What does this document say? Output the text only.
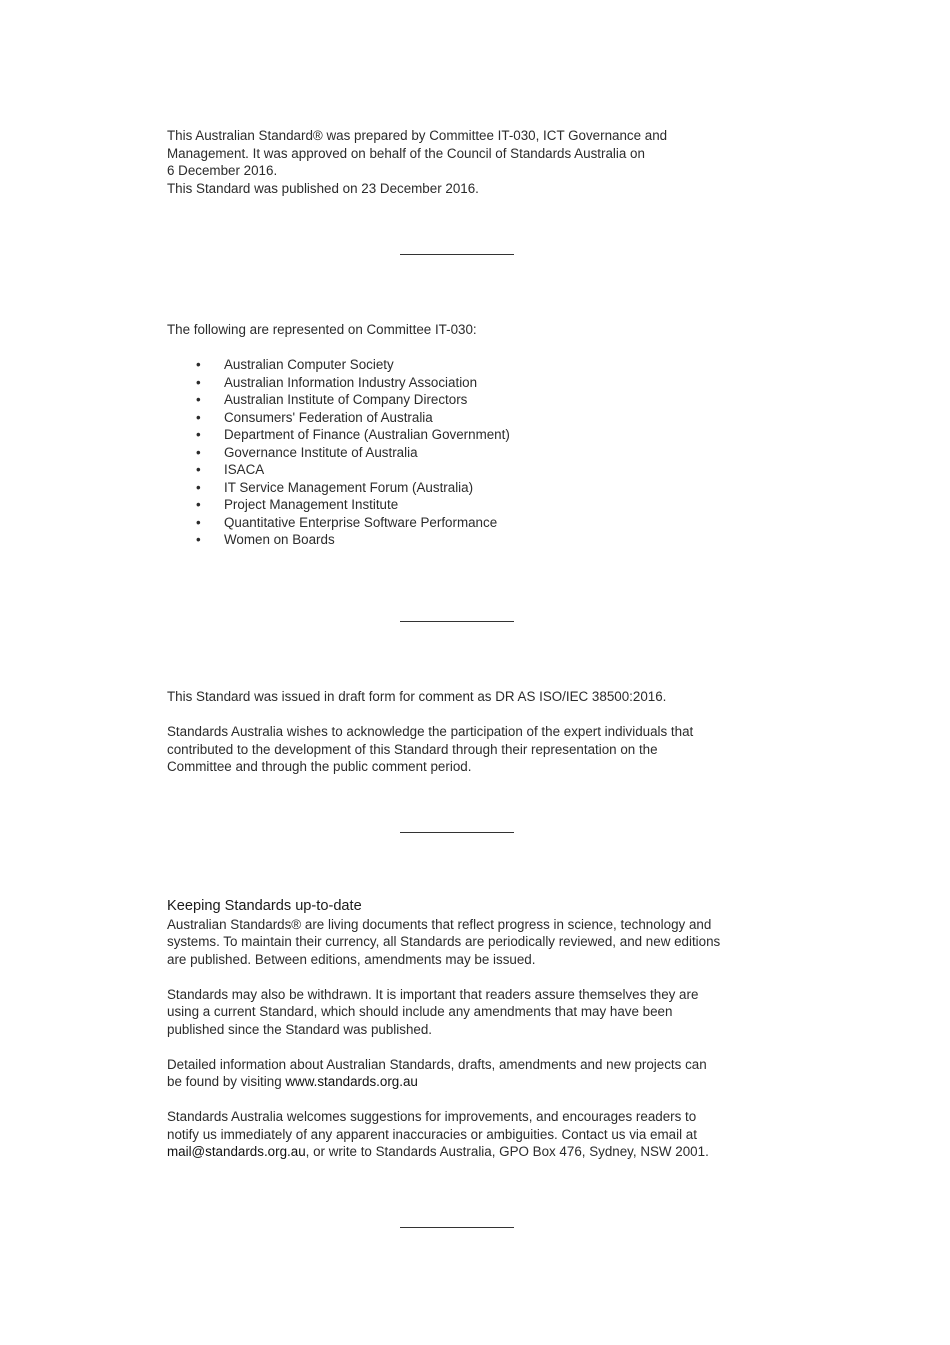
This Australian Standard® was prepared by Committee IT-030, ICT Governance and

Management. It was approved on behalf of the Council of Standards Australia on

6 December 2016.

This Standard was published on 23 December 2016.

The following are represented on Committee IT-030:

• Australian Computer Society
• Australian Information Industry Association
• Australian Institute of Company Directors
• Consumers' Federation of Australia
• Department of Finance (Australian Government)
• Governance Institute of Australia
• ISACA
• IT Service Management Forum (Australia)
• Project Management Institute
• Quantitative Enterprise Software Performance
• Women on Boards

This Standard was issued in draft form for comment as DR AS ISO/IEC 38500:2016.

Standards Australia wishes to acknowledge the participation of the expert individuals that

contributed to the development of this Standard through their representation on the

Committee and through the public comment period.

Keeping Standards up-to-date

Australian Standards® are living documents that reflect progress in science, technology and

systems. To maintain their currency, all Standards are periodically reviewed, and new editions

are published. Between editions, amendments may be issued.

Standards may also be withdrawn. It is important that readers assure themselves they are

using a current Standard, which should include any amendments that may have been

published since the Standard was published.

Detailed information about Australian Standards, drafts, amendments and new projects can

be found by visiting www.standards.org.au

Standards Australia welcomes suggestions for improvements, and encourages readers to

notify us immediately of any apparent inaccuracies or ambiguities. Contact us via email at

mail@standards.org.au, or write to Standards Australia, GPO Box 476, Sydney, NSW 2001.
